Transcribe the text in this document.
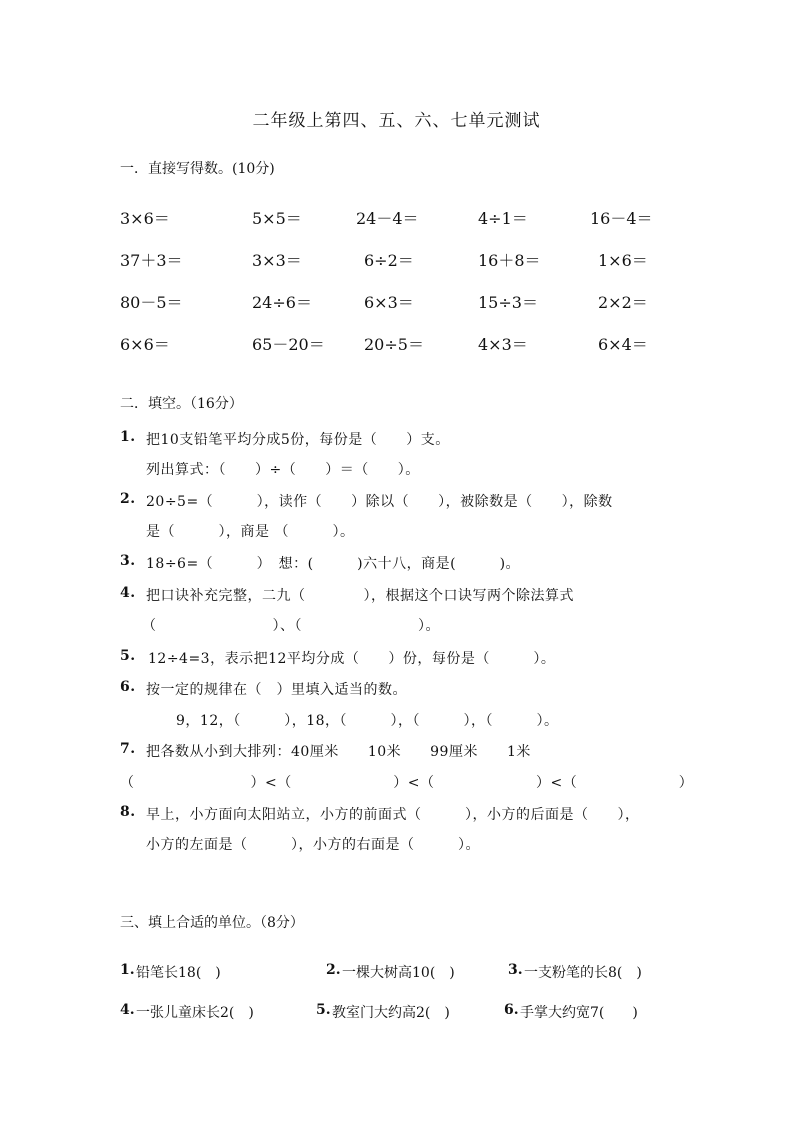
二年级上第四、五、六、七单元测试
一．直接写得数。(10分)
3×6＝	5×5＝	24－4＝	4÷1＝	16－4＝
37＋3＝	3×3＝	6÷2＝	16＋8＝	1×6＝
80－5＝	24÷6＝	6×3＝	15÷3＝	2×2＝
6×6＝	65－20＝ 20÷5＝	4×3＝	6×4＝
二．填空。（16分）
1. 把10支铅笔平均分成5份，每份是（　　）支。
列出算式：（　　）÷（　　）＝（　　）。
2. 20÷5=（　　　），读作（　　）除以（　　），被除数是（　　），除数
是（　　　），商是 （　　　）。
3. 18÷6=（　　　）　想：(　　　)六十八，商是(　　　)。
4. 把口诀补充完整，二九（　　　　），根据这个口诀写两个除法算式
（　　　　　　　　）、（　　　　　　　　）。
5. 12÷4=3，表示把12平均分成（　　）份，每份是（　　　）。
6. 按一定的规律在（　）里填入适当的数。
9，12，（　　　），18，（　　　），（　　　），（　　　）。
7. 把各数从小到大排列：40厘米　　10米　　99厘米　　1米
（　　　　　　　　）<（　　　　　　　）<（　　　　　　　）<（　　　　　　　）
8. 早上，小方面向太阳站立，小方的前面式（　　　），小方的后面是（　　），
小方的左面是（　　　），小方的右面是（　　　）。
三、填上合适的单位。（8分）
1. 铅笔长18(　)	2. 一棵大树高10(　)	3. 一支粉笔的长8(　)
4. 一张儿童床长2(　)	5. 教室门大约高2(　)	6. 手掌大约宽7(　　)
